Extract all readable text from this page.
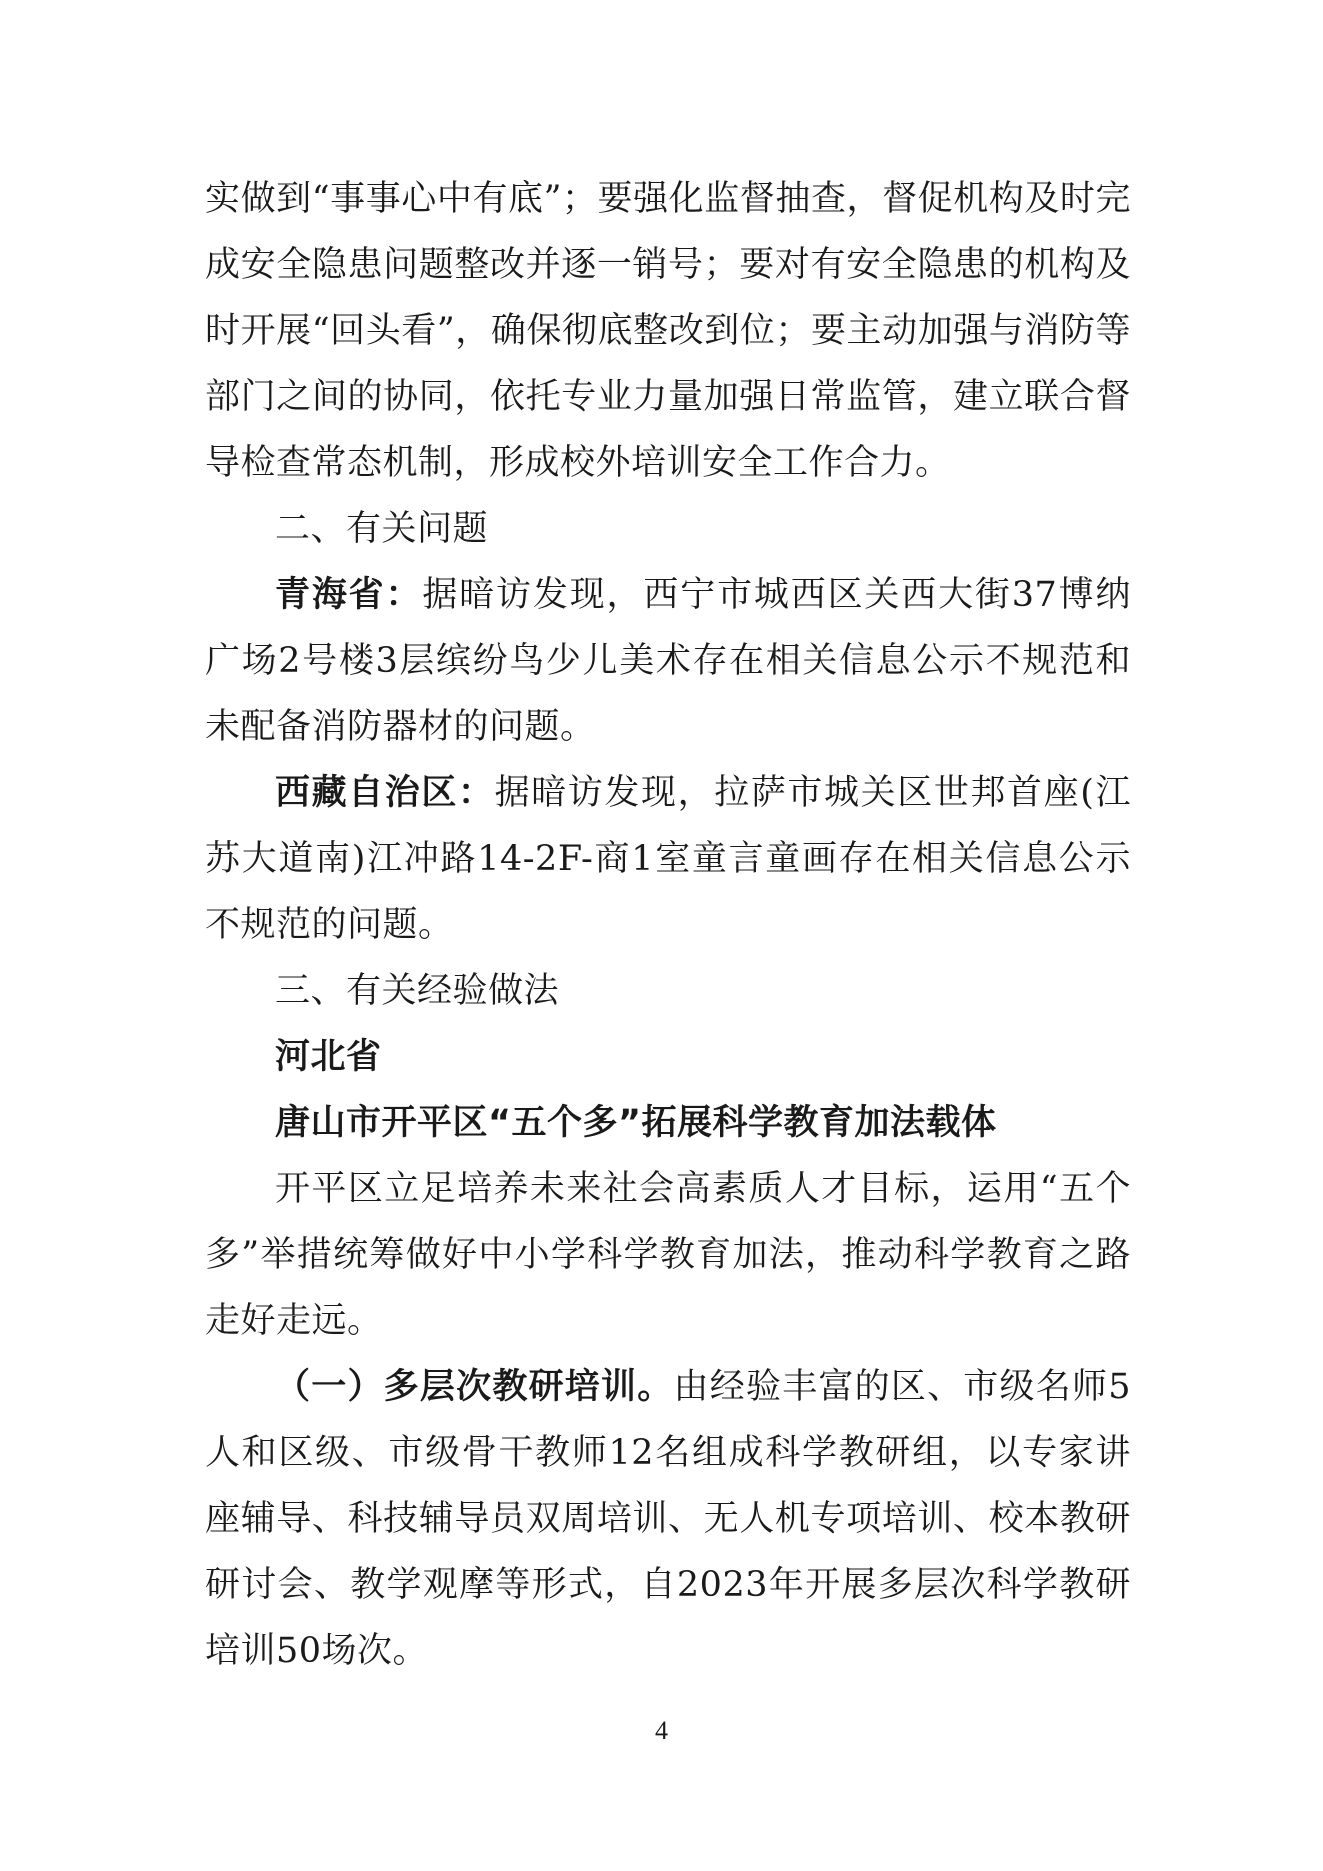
实做到“事事心中有底”；要强化监督抽查，督促机构及时完成安全隐患问题整改并逐一销号；要对有安全隐患的机构及时开展“回头看”，确保彻底整改到位；要主动加强与消防等部门之间的协同，依托专业力量加强日常监管，建立联合督导检查常态机制，形成校外培训安全工作合力。

二、有关问题

青海省：据暗访发现，西宁市城西区关西大街37博纳广场2号楼3层缤纷鸟少儿美术存在相关信息公示不规范和未配备消防器材的问题。

西藏自治区：据暗访发现，拉萨市城关区世邦首座(江苏大道南)江冲路14-2F-商1室童言童画存在相关信息公示不规范的问题。

三、有关经验做法

河北省

唐山市开平区“五个多”拓展科学教育加法载体

开平区立足培养未来社会高素质人才目标，运用“五个多”举措统筹做好中小学科学教育加法，推动科学教育之路走好走远。

（一）多层次教研培训。由经验丰富的区、市级名师5人和区级、市级骨干教师12名组成科学教研组，以专家讲座辅导、科技辅导员双周培训、无人机专项培训、校本教研研讨会、教学观摩等形式，自2023年开展多层次科学教研培训50场次。

4
